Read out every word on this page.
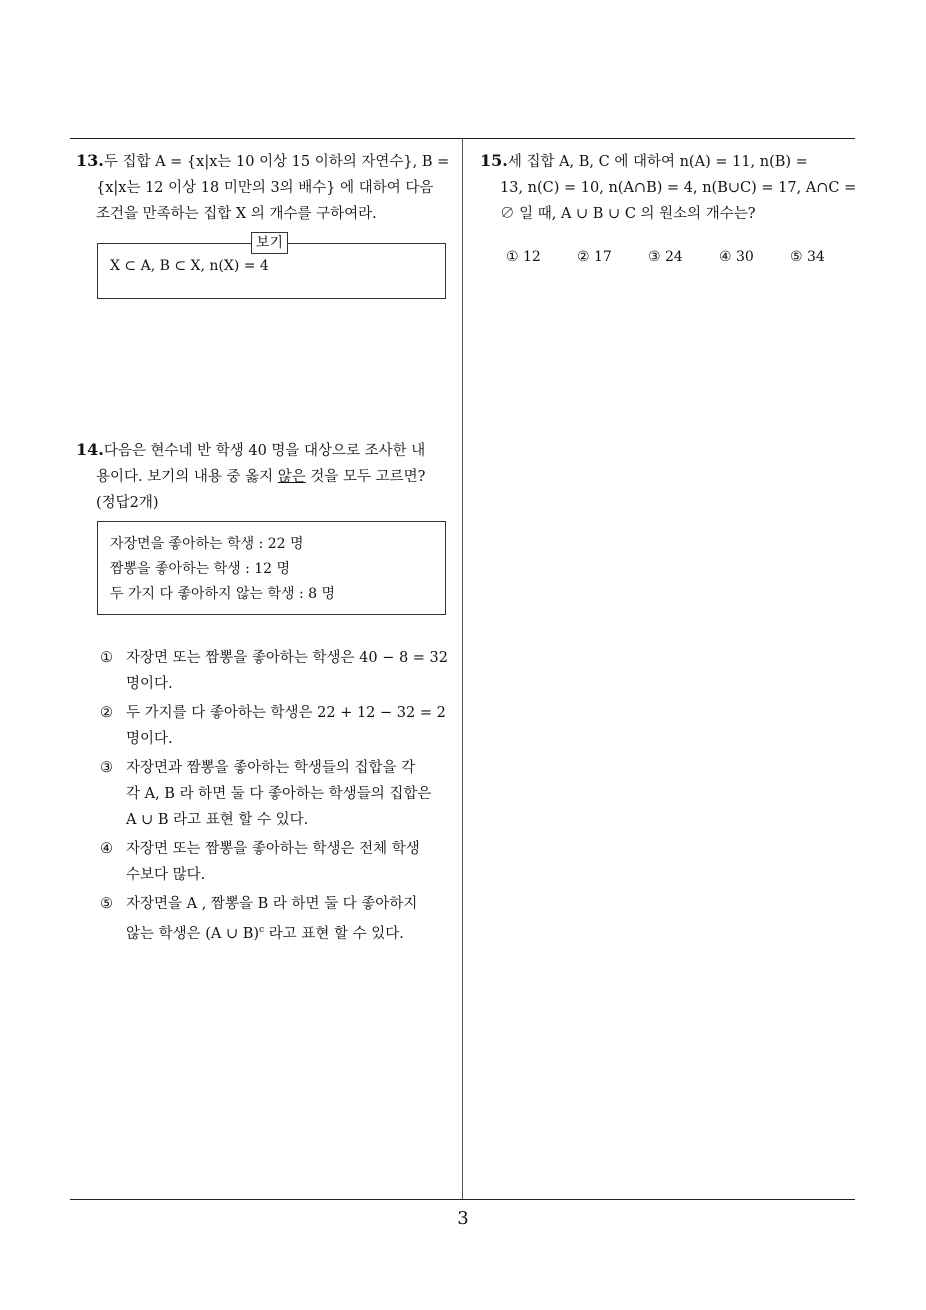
13.두 집합 A = {x|x는 10 이상 15 이하의 자연수}, B =
{x|x는 12 이상 18 미만의 3의 배수} 에 대하여 다음
조건을 만족하는 집합 X 의 개수를 구하여라.
보기
X ⊂ A, B ⊂ X, n(X) = 4
14.다음은 현수네 반 학생 40 명을 대상으로 조사한 내
용이다. 보기의 내용 중 옳지 않은 것을 모두 고르면?
(정답2개)
자장면을 좋아하는 학생 : 22 명
짬뽕을 좋아하는 학생 : 12 명
두 가지 다 좋아하지 않는 학생 : 8 명
① 자장면 또는 짬뽕을 좋아하는 학생은 40 − 8 = 32
명이다.
② 두 가지를 다 좋아하는 학생은 22 + 12 − 32 = 2
명이다.
③ 자장면과 짬뽕을 좋아하는 학생들의 집합을 각
각 A, B 라 하면 둘 다 좋아하는 학생들의 집합은
A ∪ B 라고 표현 할 수 있다.
④ 자장면 또는 짬뽕을 좋아하는 학생은 전체 학생
수보다 많다.
⑤ 자장면을 A , 짬뽕을 B 라 하면 둘 다 좋아하지
않는 학생은 (A ∪ B)$^c$ 라고 표현 할 수 있다.
15.세 집합 A, B, C 에 대하여 n(A) = 11, n(B) =
13, n(C) = 10, n(A∩B) = 4, n(B∪C) = 17, A∩C =
∅ 일 때, A ∪ B ∪ C 의 원소의 개수는?
① 12	② 17	③ 24	④ 30	⑤ 34
3
